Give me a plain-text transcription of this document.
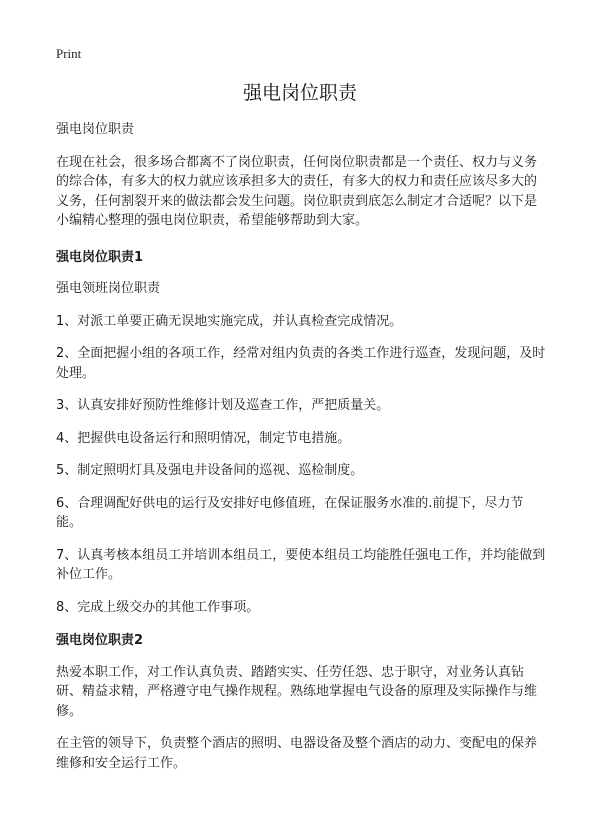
Print
强电岗位职责

强电岗位职责

在现在社会，很多场合都离不了岗位职责，任何岗位职责都是一个责任、权力与义务的综合体，有多大的权力就应该承担多大的责任，有多大的权力和责任应该尽多大的义务，任何割裂开来的做法都会发生问题。岗位职责到底怎么制定才合适呢？以下是小编精心整理的强电岗位职责，希望能够帮助到大家。

强电岗位职责1

强电领班岗位职责

1、对派工单要正确无误地实施完成，并认真检查完成情况。

2、全面把握小组的各项工作，经常对组内负责的各类工作进行巡查，发现问题，及时处理。

3、认真安排好预防性维修计划及巡查工作，严把质量关。

4、把握供电设备运行和照明情况，制定节电措施。

5、制定照明灯具及强电井设备间的巡视、巡检制度。

6、合理调配好供电的运行及安排好电修值班，在保证服务水准的.前提下，尽力节能。

7、认真考核本组员工并培训本组员工，要使本组员工均能胜任强电工作，并均能做到补位工作。

8、完成上级交办的其他工作事项。

强电岗位职责2

热爱本职工作，对工作认真负责、踏踏实实、任劳任怨、忠于职守，对业务认真钻研、精益求精，严格遵守电气操作规程。熟练地掌握电气设备的原理及实际操作与维修。

在主管的领导下，负责整个酒店的照明、电器设备及整个酒店的动力、变配电的保养维修和安全运行工作。
